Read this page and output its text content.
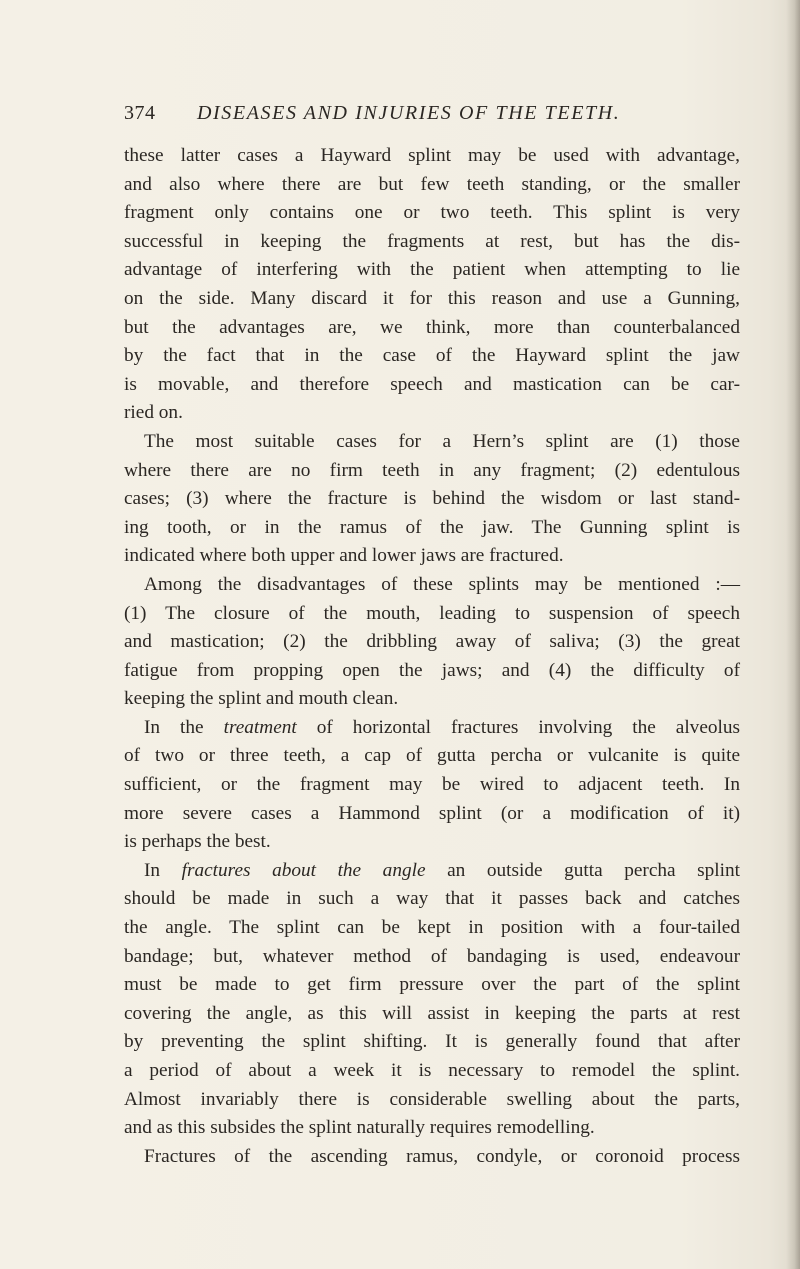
374 DISEASES AND INJURIES OF THE TEETH.
these latter cases a Hayward splint may be used with advantage,
and also where there are but few teeth standing, or the smaller
fragment only contains one or two teeth. This splint is very
successful in keeping the fragments at rest, but has the dis-
advantage of interfering with the patient when attempting to lie
on the side. Many discard it for this reason and use a Gunning,
but the advantages are, we think, more than counterbalanced
by the fact that in the case of the Hayward splint the jaw
is movable, and therefore speech and mastication can be car-
ried on.
The most suitable cases for a Hern’s splint are (1) those
where there are no firm teeth in any fragment; (2) edentulous
cases; (3) where the fracture is behind the wisdom or last stand-
ing tooth, or in the ramus of the jaw. The Gunning splint is
indicated where both upper and lower jaws are fractured.
Among the disadvantages of these splints may be mentioned :—
(1) The closure of the mouth, leading to suspension of speech
and mastication; (2) the dribbling away of saliva; (3) the great
fatigue from propping open the jaws; and (4) the difficulty of
keeping the splint and mouth clean.
In the treatment of horizontal fractures involving the alveolus
of two or three teeth, a cap of gutta percha or vulcanite is quite
sufficient, or the fragment may be wired to adjacent teeth. In
more severe cases a Hammond splint (or a modification of it)
is perhaps the best.
In fractures about the angle an outside gutta percha splint
should be made in such a way that it passes back and catches
the angle. The splint can be kept in position with a four-tailed
bandage; but, whatever method of bandaging is used, endeavour
must be made to get firm pressure over the part of the splint
covering the angle, as this will assist in keeping the parts at rest
by preventing the splint shifting. It is generally found that after
a period of about a week it is necessary to remodel the splint.
Almost invariably there is considerable swelling about the parts,
and as this subsides the splint naturally requires remodelling.
Fractures of the ascending ramus, condyle, or coronoid process
